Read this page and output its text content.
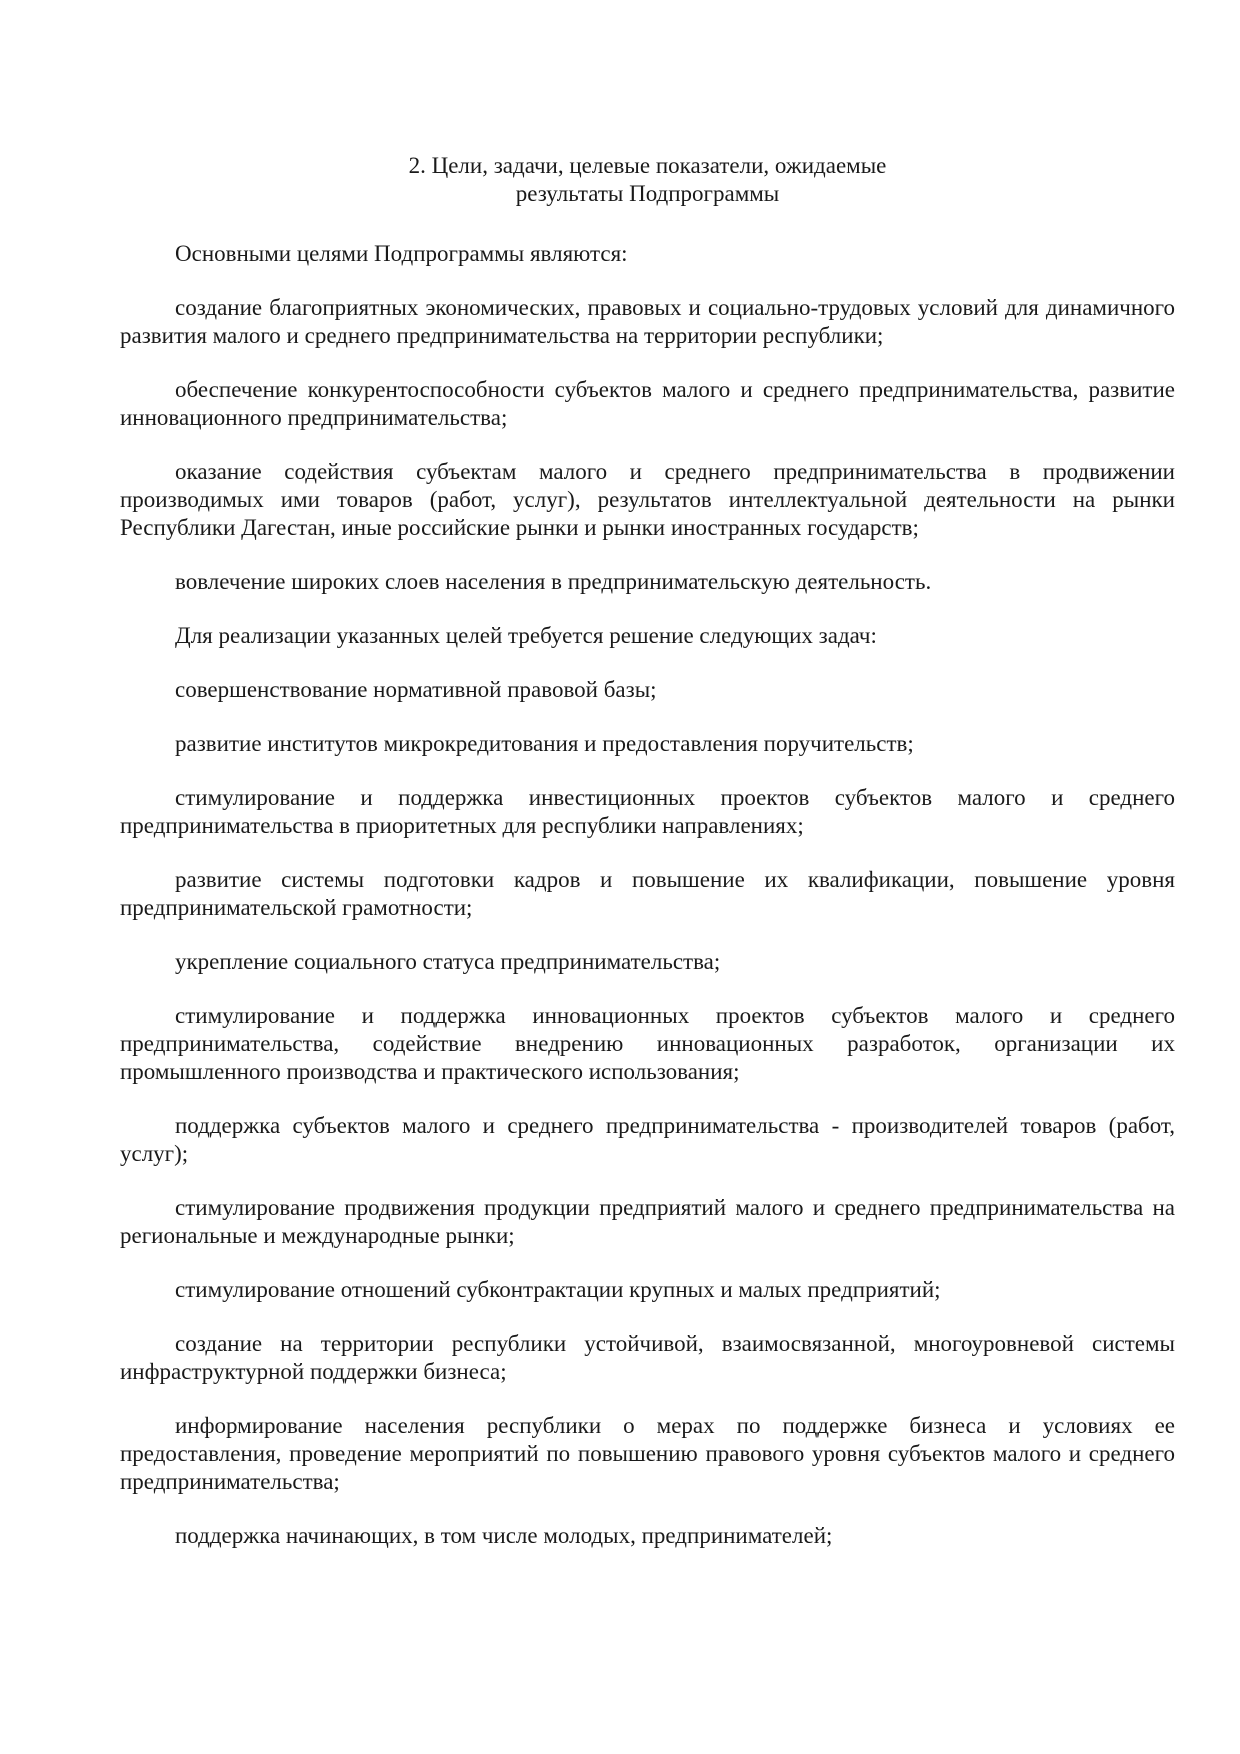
2. Цели, задачи, целевые показатели, ожидаемые
результаты Подпрограммы

Основными целями Подпрограммы являются:

создание благоприятных экономических, правовых и социально-трудовых условий для динамичного развития малого и среднего предпринимательства на территории республики;

обеспечение конкурентоспособности субъектов малого и среднего предпринимательства, развитие инновационного предпринимательства;

оказание содействия субъектам малого и среднего предпринимательства в продвижении производимых ими товаров (работ, услуг), результатов интеллектуальной деятельности на рынки Республики Дагестан, иные российские рынки и рынки иностранных государств;

вовлечение широких слоев населения в предпринимательскую деятельность.

Для реализации указанных целей требуется решение следующих задач:

совершенствование нормативной правовой базы;

развитие институтов микрокредитования и предоставления поручительств;

стимулирование и поддержка инвестиционных проектов субъектов малого и среднего предпринимательства в приоритетных для республики направлениях;

развитие системы подготовки кадров и повышение их квалификации, повышение уровня предпринимательской грамотности;

укрепление социального статуса предпринимательства;

стимулирование и поддержка инновационных проектов субъектов малого и среднего предпринимательства, содействие внедрению инновационных разработок, организации их промышленного производства и практического использования;

поддержка субъектов малого и среднего предпринимательства - производителей товаров (работ, услуг);

стимулирование продвижения продукции предприятий малого и среднего предпринимательства на региональные и международные рынки;

стимулирование отношений субконтрактации крупных и малых предприятий;

создание на территории республики устойчивой, взаимосвязанной, многоуровневой системы инфраструктурной поддержки бизнеса;

информирование населения республики о мерах по поддержке бизнеса и условиях ее предоставления, проведение мероприятий по повышению правового уровня субъектов малого и среднего предпринимательства;

поддержка начинающих, в том числе молодых, предпринимателей;
